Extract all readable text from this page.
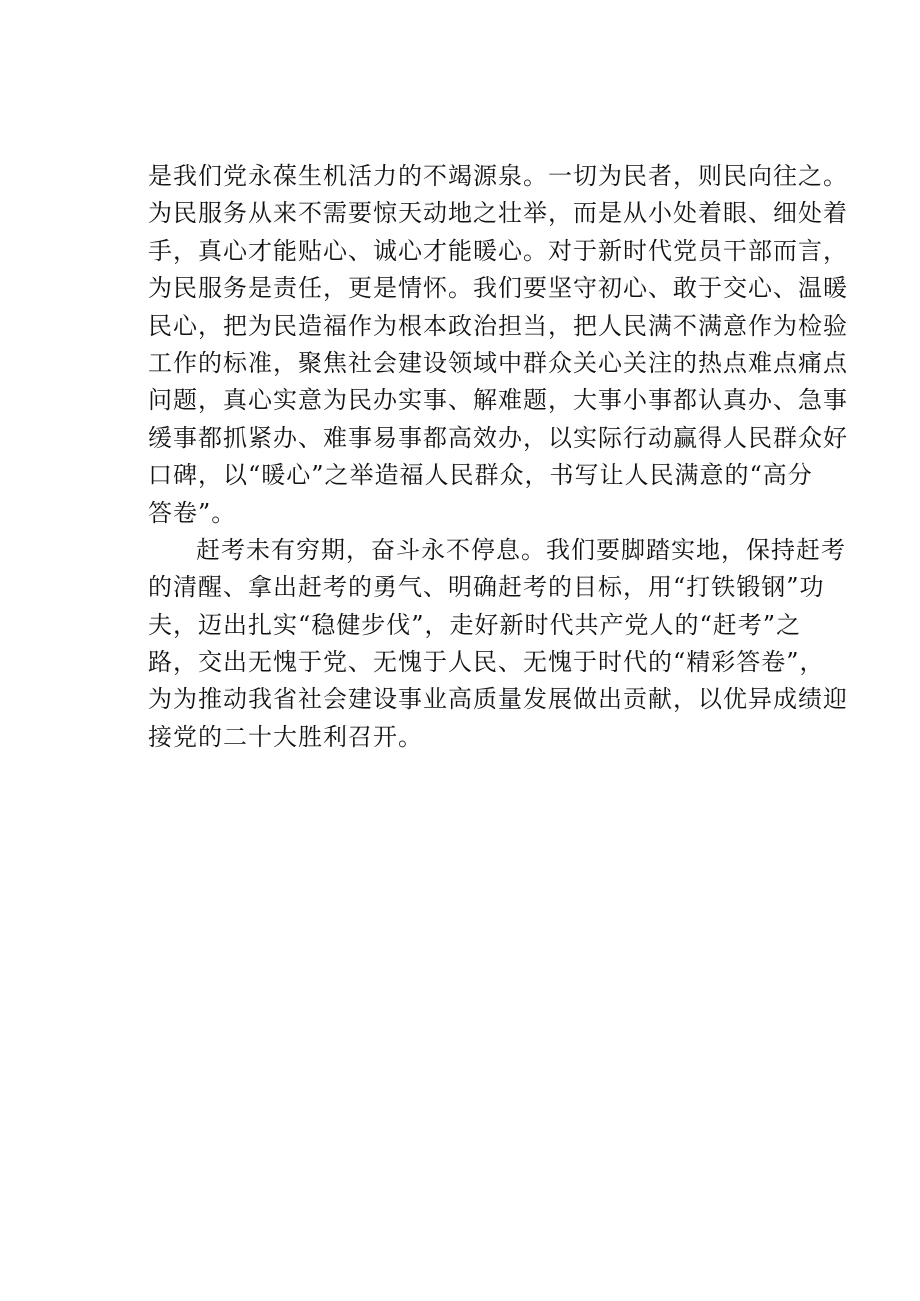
是我们党永葆生机活力的不竭源泉。一切为民者，则民向往之。
为民服务从来不需要惊天动地之壮举，而是从小处着眼、细处着
手，真心才能贴心、诚心才能暖心。对于新时代党员干部而言，
为民服务是责任，更是情怀。我们要坚守初心、敢于交心、温暖
民心，把为民造福作为根本政治担当，把人民满不满意作为检验
工作的标准，聚焦社会建设领域中群众关心关注的热点难点痛点
问题，真心实意为民办实事、解难题，大事小事都认真办、急事
缓事都抓紧办、难事易事都高效办，以实际行动赢得人民群众好
口碑，以“暖心”之举造福人民群众，书写让人民满意的“高分
答卷”。

赶考未有穷期，奋斗永不停息。我们要脚踏实地，保持赶考
的清醒、拿出赶考的勇气、明确赶考的目标，用“打铁锻钢”功
夫，迈出扎实“稳健步伐”，走好新时代共产党人的“赶考”之
路，交出无愧于党、无愧于人民、无愧于时代的“精彩答卷”，
为为推动我省社会建设事业高质量发展做出贡献，以优异成绩迎
接党的二十大胜利召开。
